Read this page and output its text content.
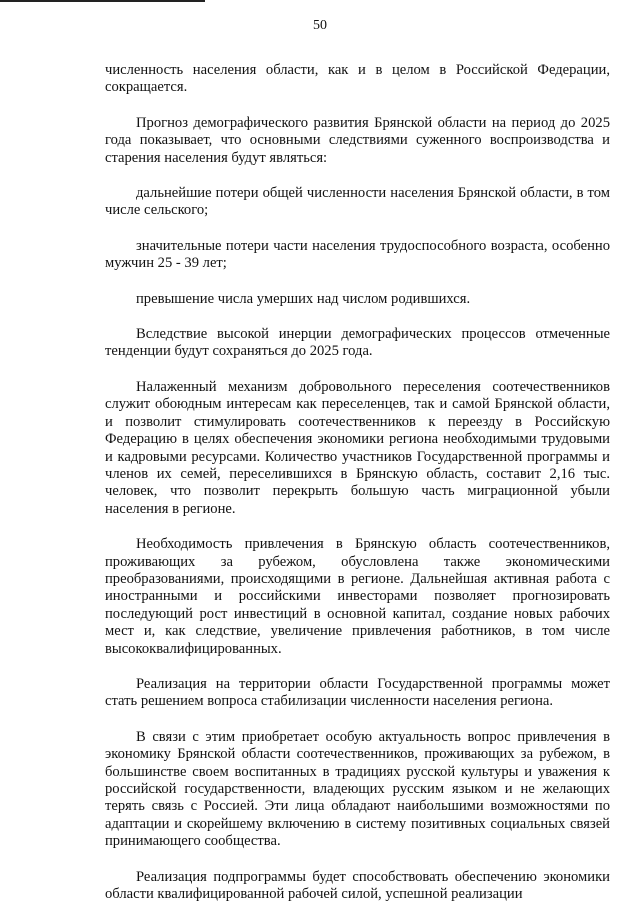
50

численность населения области, как и в целом в Российской Федерации, сокращается.

Прогноз демографического развития Брянской области на период до 2025 года показывает, что основными следствиями суженного воспроизводства и старения населения будут являться:

дальнейшие потери общей численности населения Брянской области, в том числе сельского;

значительные потери части населения трудоспособного возраста, особенно мужчин 25 - 39 лет;

превышение числа умерших над числом родившихся.

Вследствие высокой инерции демографических процессов отмеченные тенденции будут сохраняться до 2025 года.

Налаженный механизм добровольного переселения соотечественников служит обоюдным интересам как переселенцев, так и самой Брянской области, и позволит стимулировать соотечественников к переезду в Российскую Федерацию в целях обеспечения экономики региона необходимыми трудовыми и кадровыми ресурсами. Количество участников Государственной программы и членов их семей, переселившихся в Брянскую область, составит 2,16 тыс. человек, что позволит перекрыть большую часть миграционной убыли населения в регионе.

Необходимость привлечения в Брянскую область соотечественников, проживающих за рубежом, обусловлена также экономическими преобразованиями, происходящими в регионе. Дальнейшая активная работа с иностранными и российскими инвесторами позволяет прогнозировать последующий рост инвестиций в основной капитал, создание новых рабочих мест и, как следствие, увеличение привлечения работников, в том числе высококвалифицированных.

Реализация на территории области Государственной программы может стать решением вопроса стабилизации численности населения региона.

В связи с этим приобретает особую актуальность вопрос привлечения в экономику Брянской области соотечественников, проживающих за рубежом, в большинстве своем воспитанных в традициях русской культуры и уважения к российской государственности, владеющих русским языком и не желающих терять связь с Россией. Эти лица обладают наибольшими возможностями по адаптации и скорейшему включению в систему позитивных социальных связей принимающего сообщества.

Реализация подпрограммы будет способствовать обеспечению экономики области квалифицированной рабочей силой, успешной реализации
